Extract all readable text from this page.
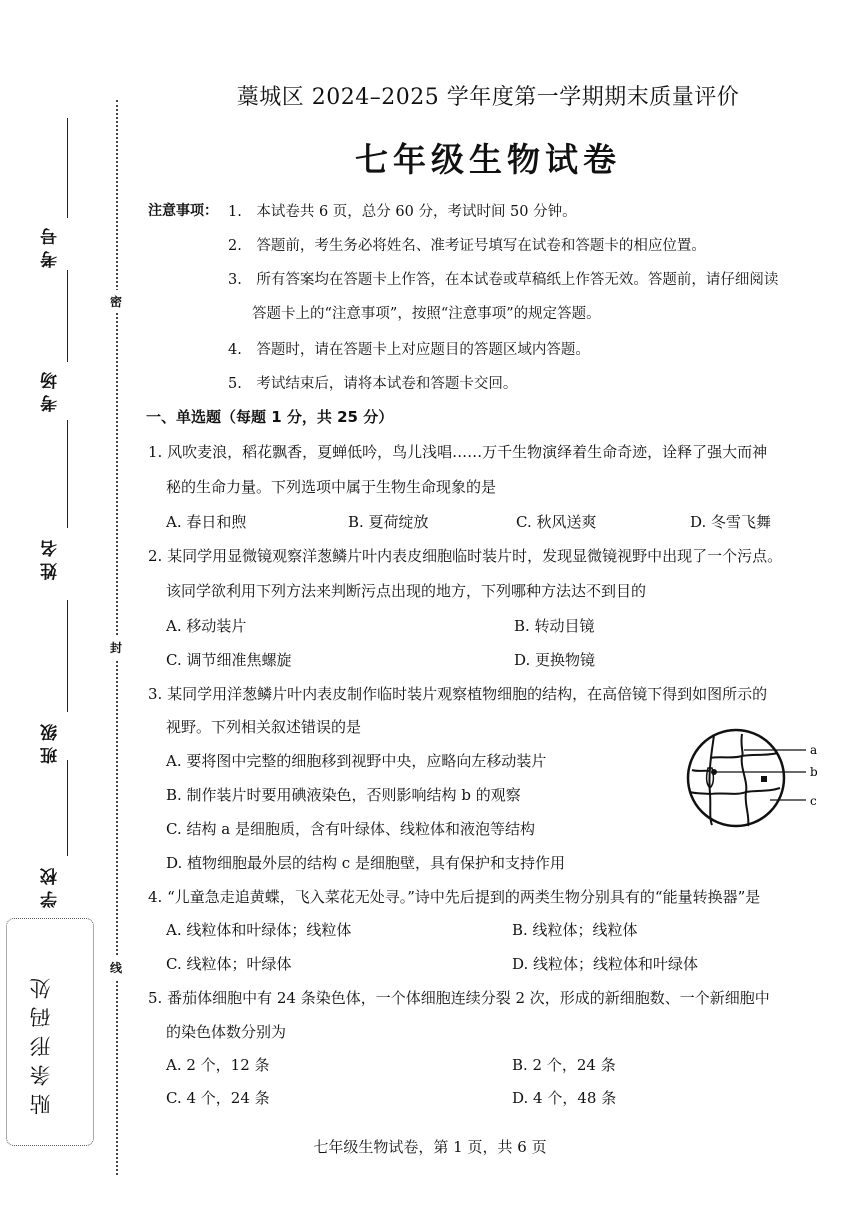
考号
考场
姓名
班级
学校
密
封
线
贴条形码处
藁城区 2024–2025 学年度第一学期期末质量评价
七年级生物试卷
注意事项： 1.　本试卷共 6 页，总分 60 分，考试时间 50 分钟。
2.　答题前，考生务必将姓名、准考证号填写在试卷和答题卡的相应位置。
3.　所有答案均在答题卡上作答，在本试卷或草稿纸上作答无效。答题前，请仔细阅读
答题卡上的“注意事项”，按照“注意事项”的规定答题。
4.　答题时，请在答题卡上对应题目的答题区域内答题。
5.　考试结束后，请将本试卷和答题卡交回。
一、单选题（每题 1 分，共 25 分）
1. 风吹麦浪，稻花飘香，夏蝉低吟，鸟儿浅唱……万千生物演绎着生命奇迹，诠释了强大而神
秘的生命力量。下列选项中属于生物生命现象的是
A. 春日和煦	B. 夏荷绽放	C. 秋风送爽	D. 冬雪飞舞
2. 某同学用显微镜观察洋葱鳞片叶内表皮细胞临时装片时，发现显微镜视野中出现了一个污点。
该同学欲利用下列方法来判断污点出现的地方，下列哪种方法达不到目的
A. 移动装片	B. 转动目镜
C. 调节细准焦螺旋	D. 更换物镜
3. 某同学用洋葱鳞片叶内表皮制作临时装片观察植物细胞的结构，在高倍镜下得到如图所示的
视野。下列相关叙述错误的是
A. 要将图中完整的细胞移到视野中央，应略向左移动装片
B. 制作装片时要用碘液染色，否则影响结构 b 的观察
C. 结构 a 是细胞质，含有叶绿体、线粒体和液泡等结构
D. 植物细胞最外层的结构 c 是细胞壁，具有保护和支持作用
a
b
c
4. “儿童急走追黄蝶，飞入菜花无处寻。”诗中先后提到的两类生物分别具有的“能量转换器”是
A. 线粒体和叶绿体；线粒体	B. 线粒体；线粒体
C. 线粒体；叶绿体	D. 线粒体；线粒体和叶绿体
5. 番茄体细胞中有 24 条染色体，一个体细胞连续分裂 2 次，形成的新细胞数、一个新细胞中
的染色体数分别为
A. 2 个，12 条	B. 2 个，24 条
C. 4 个，24 条	D. 4 个，48 条
七年级生物试卷，第 1 页，共 6 页
